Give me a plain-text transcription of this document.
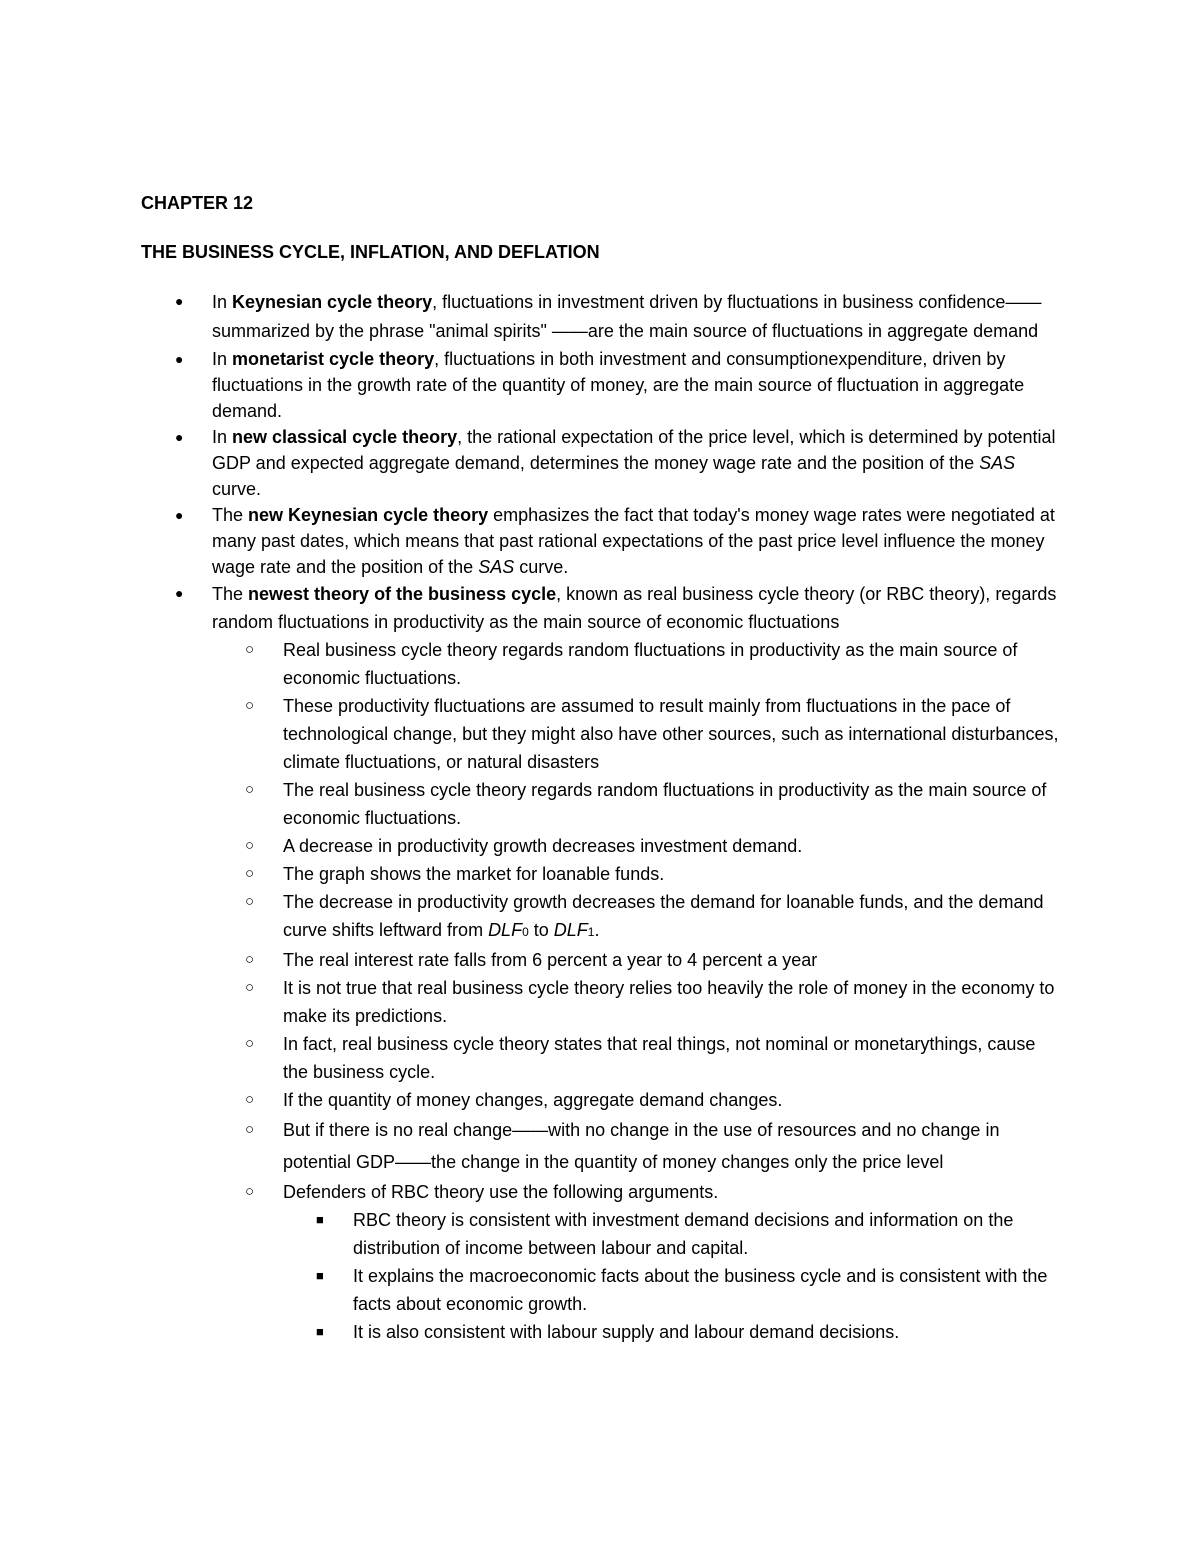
CHAPTER 12
THE BUSINESS CYCLE, INFLATION, AND DEFLATION
● In Keynesian cycle theory, fluctuations in investment driven by fluctuations in business confidence——summarized by the phrase "animal spirits" ——are the main source of fluctuations in aggregate demand
● In monetarist cycle theory, fluctuations in both investment and consumptionexpenditure, driven by fluctuations in the growth rate of the quantity of money, are the main source of fluctuation in aggregate demand.
● In new classical cycle theory, the rational expectation of the price level, which is determined by potential GDP and expected aggregate demand, determines the money wage rate and the position of the SAS curve.
● The new Keynesian cycle theory emphasizes the fact that today's money wage rates were negotiated at many past dates, which means that past rational expectations of the past price level influence the money wage rate and the position of the SAS curve.
● The newest theory of the business cycle, known as real business cycle theory (or RBC theory), regards random fluctuations in productivity as the main source of economic fluctuations
○ Real business cycle theory regards random fluctuations in productivity as the main source of economic fluctuations.
○ These productivity fluctuations are assumed to result mainly from fluctuations in the pace of technological change, but they might also have other sources, such as international disturbances, climate fluctuations, or natural disasters
○ The real business cycle theory regards random fluctuations in productivity as the main source of economic fluctuations.
○ A decrease in productivity growth decreases investment demand.
○ The graph shows the market for loanable funds.
○ The decrease in productivity growth decreases the demand for loanable funds, and the demand curve shifts leftward from DLF0 to DLF1.
○ The real interest rate falls from 6 percent a year to 4 percent a year
○ It is not true that real business cycle theory relies too heavily the role of money in the economy to make its predictions.
○ In fact, real business cycle theory states that real things, not nominal or monetarythings, cause the business cycle.
○ If the quantity of money changes, aggregate demand changes.
○ But if there is no real change——with no change in the use of resources and no change in potential GDP——the change in the quantity of money changes only the price level
○ Defenders of RBC theory use the following arguments.
■ RBC theory is consistent with investment demand decisions and information on the distribution of income between labour and capital.
■ It explains the macroeconomic facts about the business cycle and is consistent with the facts about economic growth.
■ It is also consistent with labour supply and labour demand decisions.
